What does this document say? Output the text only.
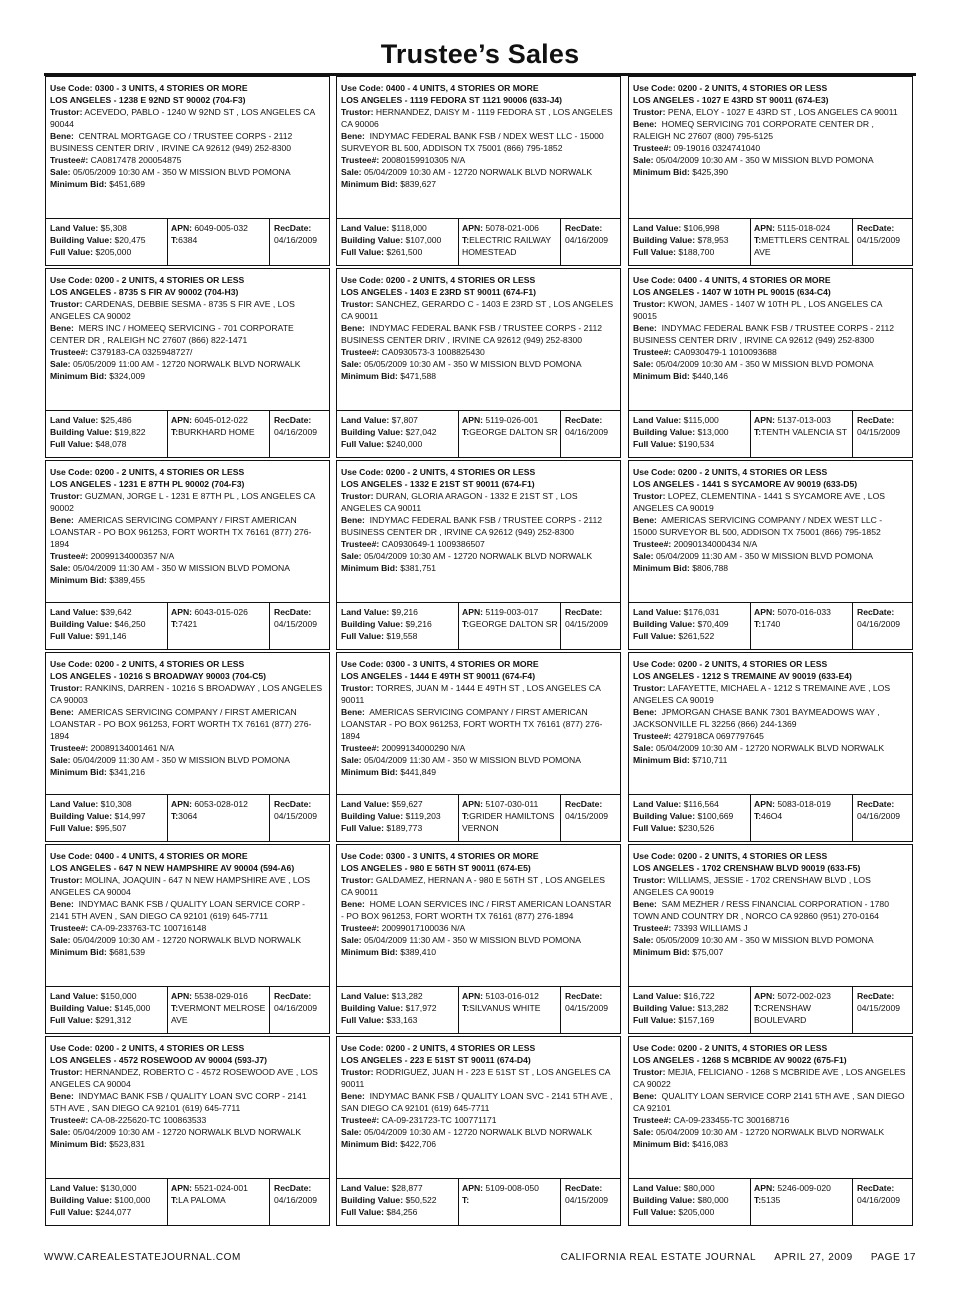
Trustee’s Sales
Use Code: 0300 - 3 UNITS, 4 STORIES OR MORE
LOS ANGELES - 1238 E 92ND ST 90002 (704-F3)
Trustor: ACEVEDO, PABLO - 1240 W 92ND ST , LOS ANGELES CA 90044
Bene: CENTRAL MORTGAGE CO / TRUSTEE CORPS - 2112 BUSINESS CENTER DRIV , IRVINE CA 92612 (949) 252-8300
Trustee#: CA0817478 200054875
Sale: 05/05/2009 10:30 AM - 350 W MISSION BLVD POMONA
Minimum Bid: $451,689
Land Value: $5,308
Building Value: $20,475
Full Value: $205,000
APN: 6049-005-032
T:6384
RecDate:
04/16/2009
Use Code: 0400 - 4 UNITS, 4 STORIES OR MORE
LOS ANGELES - 1119 FEDORA ST 1121 90006 (633-J4)
Trustor: HERNANDEZ, DAISY M - 1119 FEDORA ST , LOS ANGELES CA 90006
Bene: INDYMAC FEDERAL BANK FSB / NDEX WEST LLC - 15000 SURVEYOR BL 500, ADDISON TX 75001 (866) 795-1852
Trustee#: 20080159910305 N/A
Sale: 05/04/2009 10:30 AM - 12720 NORWALK BLVD NORWALK
Minimum Bid: $839,627
Land Value: $118,000
Building Value: $107,000
Full Value: $261,500
APN: 5078-021-006
T:ELECTRIC RAILWAY HOMESTEAD
RecDate:
04/16/2009
Use Code: 0200 - 2 UNITS, 4 STORIES OR LESS
LOS ANGELES - 1027 E 43RD ST 90011 (674-E3)
Trustor: PENA, ELOY - 1027 E 43RD ST , LOS ANGELES CA 90011
Bene: HOMEQ SERVICING 701 CORPORATE CENTER DR , RALEIGH NC 27607 (800) 795-5125
Trustee#: 09-19016 0324741040
Sale: 05/04/2009 10:30 AM - 350 W MISSION BLVD POMONA
Minimum Bid: $425,390
Land Value: $106,998
Building Value: $78,953
Full Value: $188,700
APN: 5115-018-024
T:METTLERS CENTRAL AVE
RecDate:
04/15/2009
Use Code: 0200 - 2 UNITS, 4 STORIES OR LESS
LOS ANGELES - 8735 S FIR AV 90002 (704-H3)
Trustor: CARDENAS, DEBBIE SESMA - 8735 S FIR AVE , LOS ANGELES CA 90002
Bene: MERS INC / HOMEEQ SERVICING - 701 CORPORATE CENTER DR , RALEIGH NC 27607 (866) 822-1471
Trustee#: C379183-CA 0325948727/
Sale: 05/05/2009 11:00 AM - 12720 NORWALK BLVD NORWALK
Minimum Bid: $324,009
Land Value: $25,486
Building Value: $19,822
Full Value: $48,078
APN: 6045-012-022
T:BURKHARD HOME
RecDate:
04/16/2009
Use Code: 0200 - 2 UNITS, 4 STORIES OR LESS
LOS ANGELES - 1403 E 23RD ST 90011 (674-F1)
Trustor: SANCHEZ, GERARDO C - 1403 E 23RD ST , LOS ANGELES CA 90011
Bene: INDYMAC FEDERAL BANK FSB / TRUSTEE CORPS - 2112 BUSINESS CENTER DRIV , IRVINE CA 92612 (949) 252-8300
Trustee#: CA0930573-3 1008825430
Sale: 05/05/2009 10:30 AM - 350 W MISSION BLVD POMONA
Minimum Bid: $471,588
Land Value: $7,807
Building Value: $27,042
Full Value: $240,000
APN: 5119-026-001
T:GEORGE DALTON SR
RecDate:
04/16/2009
Use Code: 0400 - 4 UNITS, 4 STORIES OR MORE
LOS ANGELES - 1407 W 10TH PL 90015 (634-C4)
Trustor: KWON, JAMES - 1407 W 10TH PL , LOS ANGELES CA 90015
Bene: INDYMAC FEDERAL BANK FSB / TRUSTEE CORPS - 2112 BUSINESS CENTER DRIV , IRVINE CA 92612 (949) 252-8300
Trustee#: CA0930479-1 1010093688
Sale: 05/04/2009 10:30 AM - 350 W MISSION BLVD POMONA
Minimum Bid: $440,146
Land Value: $115,000
Building Value: $13,000
Full Value: $190,534
APN: 5137-013-003
T:TENTH VALENCIA ST
RecDate:
04/15/2009
Use Code: 0200 - 2 UNITS, 4 STORIES OR LESS
LOS ANGELES - 1231 E 87TH PL 90002 (704-F3)
Trustor: GUZMAN, JORGE L - 1231 E 87TH PL , LOS ANGELES CA 90002
Bene: AMERICAS SERVICING COMPANY / FIRST AMERICAN LOANSTAR - PO BOX 961253, FORT WORTH TX 76161 (877) 276-1894
Trustee#: 20099134000357 N/A
Sale: 05/04/2009 11:30 AM - 350 W MISSION BLVD POMONA
Minimum Bid: $389,455
Land Value: $39,642
Building Value: $46,250
Full Value: $91,146
APN: 6043-015-026
T:7421
RecDate:
04/15/2009
Use Code: 0200 - 2 UNITS, 4 STORIES OR LESS
LOS ANGELES - 1332 E 21ST ST 90011 (674-F1)
Trustor: DURAN, GLORIA ARAGON - 1332 E 21ST ST , LOS ANGELES CA 90011
Bene: INDYMAC FEDERAL BANK FSB / TRUSTEE CORPS - 2112 BUSINESS CENTER DR , IRVINE CA 92612 (949) 252-8300
Trustee#: CA0930649-1 1009386507
Sale: 05/04/2009 10:30 AM - 12720 NORWALK BLVD NORWALK
Minimum Bid: $381,751
Land Value: $9,216
Building Value: $9,216
Full Value: $19,558
APN: 5119-003-017
T:GEORGE DALTON SR
RecDate:
04/15/2009
Use Code: 0200 - 2 UNITS, 4 STORIES OR LESS
LOS ANGELES - 1441 S SYCAMORE AV 90019 (633-D5)
Trustor: LOPEZ, CLEMENTINA - 1441 S SYCAMORE AVE , LOS ANGELES CA 90019
Bene: AMERICAS SERVICING COMPANY / NDEX WEST LLC - 15000 SURVEYOR BL 500, ADDISON TX 75001 (866) 795-1852
Trustee#: 20090134000434 N/A
Sale: 05/04/2009 11:30 AM - 350 W MISSION BLVD POMONA
Minimum Bid: $806,788
Land Value: $176,031
Building Value: $70,409
Full Value: $261,522
APN: 5070-016-033
T:1740
RecDate:
04/16/2009
Use Code: 0200 - 2 UNITS, 4 STORIES OR LESS
LOS ANGELES - 10216 S BROADWAY 90003 (704-C5)
Trustor: RANKINS, DARREN - 10216 S BROADWAY , LOS ANGELES CA 90003
Bene: AMERICAS SERVICING COMPANY / FIRST AMERICAN LOANSTAR - PO BOX 961253, FORT WORTH TX 76161 (877) 276-1894
Trustee#: 20089134001461 N/A
Sale: 05/04/2009 11:30 AM - 350 W MISSION BLVD POMONA
Minimum Bid: $341,216
Land Value: $10,308
Building Value: $14,997
Full Value: $95,507
APN: 6053-028-012
T:3064
RecDate:
04/15/2009
Use Code: 0300 - 3 UNITS, 4 STORIES OR MORE
LOS ANGELES - 1444 E 49TH ST 90011 (674-F4)
Trustor: TORRES, JUAN M - 1444 E 49TH ST , LOS ANGELES CA 90011
Bene: AMERICAS SERVICING COMPANY / FIRST AMERICAN LOANSTAR - PO BOX 961253, FORT WORTH TX 76161 (877) 276-1894
Trustee#: 20099134000290 N/A
Sale: 05/04/2009 11:30 AM - 350 W MISSION BLVD POMONA
Minimum Bid: $441,849
Land Value: $59,627
Building Value: $119,203
Full Value: $189,773
APN: 5107-030-011
T:GRIDER HAMILTONS VERNON
RecDate:
04/15/2009
Use Code: 0200 - 2 UNITS, 4 STORIES OR LESS
LOS ANGELES - 1212 S TREMAINE AV 90019 (633-E4)
Trustor: LAFAYETTE, MICHAEL A - 1212 S TREMAINE AVE , LOS ANGELES CA 90019
Bene: JPMORGAN CHASE BANK 7301 BAYMEADOWS WAY , JACKSONVILLE FL 32256 (866) 244-1369
Trustee#: 427918CA 0697797645
Sale: 05/04/2009 10:30 AM - 12720 NORWALK BLVD NORWALK
Minimum Bid: $710,711
Land Value: $116,564
Building Value: $100,669
Full Value: $230,526
APN: 5083-018-019
T:46O4
RecDate:
04/16/2009
Use Code: 0400 - 4 UNITS, 4 STORIES OR MORE
LOS ANGELES - 647 N NEW HAMPSHIRE AV 90004 (594-A6)
Trustor: MOLINA, JOAQUIN - 647 N NEW HAMPSHIRE AVE , LOS ANGELES CA 90004
Bene: INDYMAC BANK FSB / QUALITY LOAN SERVICE CORP - 2141 5TH AVEN , SAN DIEGO CA 92101 (619) 645-7711
Trustee#: CA-09-233763-TC 100716148
Sale: 05/04/2009 10:30 AM - 12720 NORWALK BLVD NORWALK
Minimum Bid: $681,539
Land Value: $150,000
Building Value: $145,000
Full Value: $291,312
APN: 5538-029-016
T:VERMONT MELROSE AVE
RecDate:
04/16/2009
Use Code: 0300 - 3 UNITS, 4 STORIES OR MORE
LOS ANGELES - 980 E 56TH ST 90011 (674-E5)
Trustor: GALDAMEZ, HERNAN A - 980 E 56TH ST , LOS ANGELES CA 90011
Bene: HOME LOAN SERVICES INC / FIRST AMERICAN LOANSTAR - PO BOX 961253, FORT WORTH TX 76161 (877) 276-1894
Trustee#: 20099017100036 N/A
Sale: 05/04/2009 11:30 AM - 350 W MISSION BLVD POMONA
Minimum Bid: $389,410
Land Value: $13,282
Building Value: $17,972
Full Value: $33,163
APN: 5103-016-012
T:SILVANUS WHITE
RecDate:
04/15/2009
Use Code: 0200 - 2 UNITS, 4 STORIES OR LESS
LOS ANGELES - 1702 CRENSHAW BLVD 90019 (633-F5)
Trustor: WILLIAMS, JESSIE - 1702 CRENSHAW BLVD , LOS ANGELES CA 90019
Bene: SAM MEZHER / RESS FINANCIAL CORPORATION - 1780 TOWN AND COUNTRY DR , NORCO CA 92860 (951) 270-0164
Trustee#: 73393 WILLIAMS J
Sale: 05/05/2009 10:30 AM - 350 W MISSION BLVD POMONA
Minimum Bid: $75,007
Land Value: $16,722
Building Value: $13,282
Full Value: $157,169
APN: 5072-002-023
T:CRENSHAW BOULEVARD
RecDate:
04/15/2009
Use Code: 0200 - 2 UNITS, 4 STORIES OR LESS
LOS ANGELES - 4572 ROSEWOOD AV 90004 (593-J7)
Trustor: HERNANDEZ, ROBERTO C - 4572 ROSEWOOD AVE , LOS ANGELES CA 90004
Bene: INDYMAC BANK FSB / QUALITY LOAN SVC CORP - 2141 5TH AVE , SAN DIEGO CA 92101 (619) 645-7711
Trustee#: CA-08-225620-TC 100863533
Sale: 05/04/2009 10:30 AM - 12720 NORWALK BLVD NORWALK
Minimum Bid: $523,831
Land Value: $130,000
Building Value: $100,000
Full Value: $244,077
APN: 5521-024-001
T:LA PALOMA
RecDate:
04/16/2009
Use Code: 0200 - 2 UNITS, 4 STORIES OR LESS
LOS ANGELES - 223 E 51ST ST 90011 (674-D4)
Trustor: RODRIGUEZ, JUAN H - 223 E 51ST ST , LOS ANGELES CA 90011
Bene: INDYMAC BANK FSB / QUALITY LOAN SVC - 2141 5TH AVE , SAN DIEGO CA 92101 (619) 645-7711
Trustee#: CA-09-231723-TC 100771171
Sale: 05/04/2009 10:30 AM - 12720 NORWALK BLVD NORWALK
Minimum Bid: $422,706
Land Value: $28,877
Building Value: $50,522
Full Value: $84,256
APN: 5109-008-050
T:
RecDate:
04/15/2009
Use Code: 0200 - 2 UNITS, 4 STORIES OR LESS
LOS ANGELES - 1268 S MCBRIDE AV 90022 (675-F1)
Trustor: MEJIA, FELICIANO - 1268 S MCBRIDE AVE , LOS ANGELES CA 90022
Bene: QUALITY LOAN SERVICE CORP 2141 5TH AVE , SAN DIEGO CA 92101
Trustee#: CA-09-233455-TC 300168716
Sale: 05/04/2009 10:30 AM - 12720 NORWALK BLVD NORWALK
Minimum Bid: $416,083
Land Value: $80,000
Building Value: $80,000
Full Value: $205,000
APN: 5246-009-020
T:5135
RecDate:
04/16/2009
WWW.CAREALESTATEJOURNAL.COM	CALIFORNIA REAL ESTATE JOURNAL APRIL 27, 2009 PAGE 17
